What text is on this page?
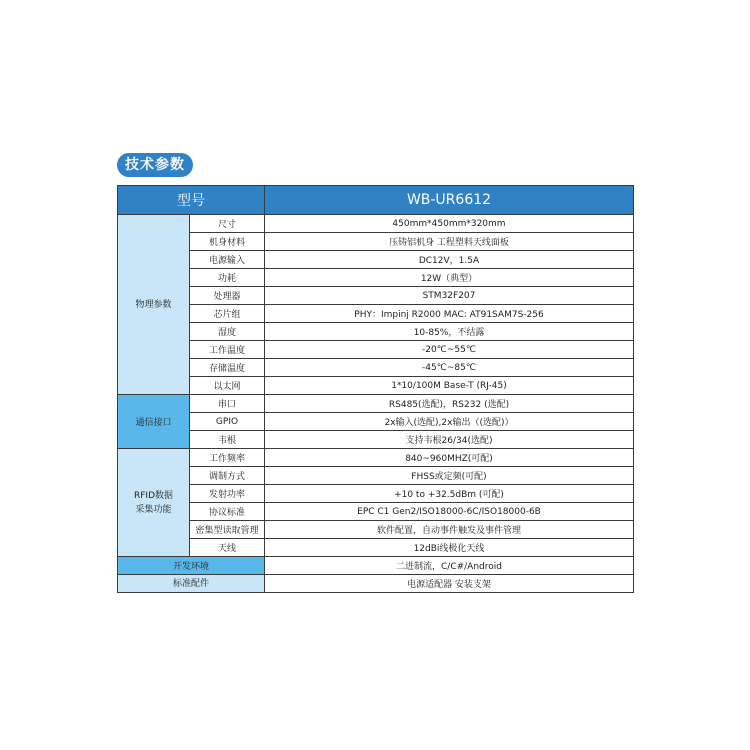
技术参数
型号		WB-UR6612
物理参数	尺寸	450mm*450mm*320mm
	机身材料	压铸铝机身 工程塑料天线面板
	电源输入	DC12V，1.5A
	功耗	12W（典型）
	处理器	STM32F207
	芯片组	PHY：Impinj R2000 MAC: AT91SAM7S-256
	湿度	10-85%，不结露
	工作温度	-20℃~55℃
	存储温度	-45℃~85℃
	以太网	1*10/100M Base-T (RJ-45)
通信接口	串口	RS485(选配)，RS232 (选配)
	GPIO	2x输入(选配),2x输出（(选配)）
	韦根	支持韦根26/34(选配)
RFID数据
采集功能	工作频率	840~960MHZ(可配)
	调制方式	FHSS或定频(可配)
	发射功率	+10 to +32.5dBm (可配)
	协议标准	EPC C1 Gen2/ISO18000-6C/ISO18000-6B
	密集型读取管理	软件配置，自动事件触发及事件管理
	天线	12dBi线极化天线
开发环境		二进制流，C/C#/Android
标准配件		电源适配器 安装支架
